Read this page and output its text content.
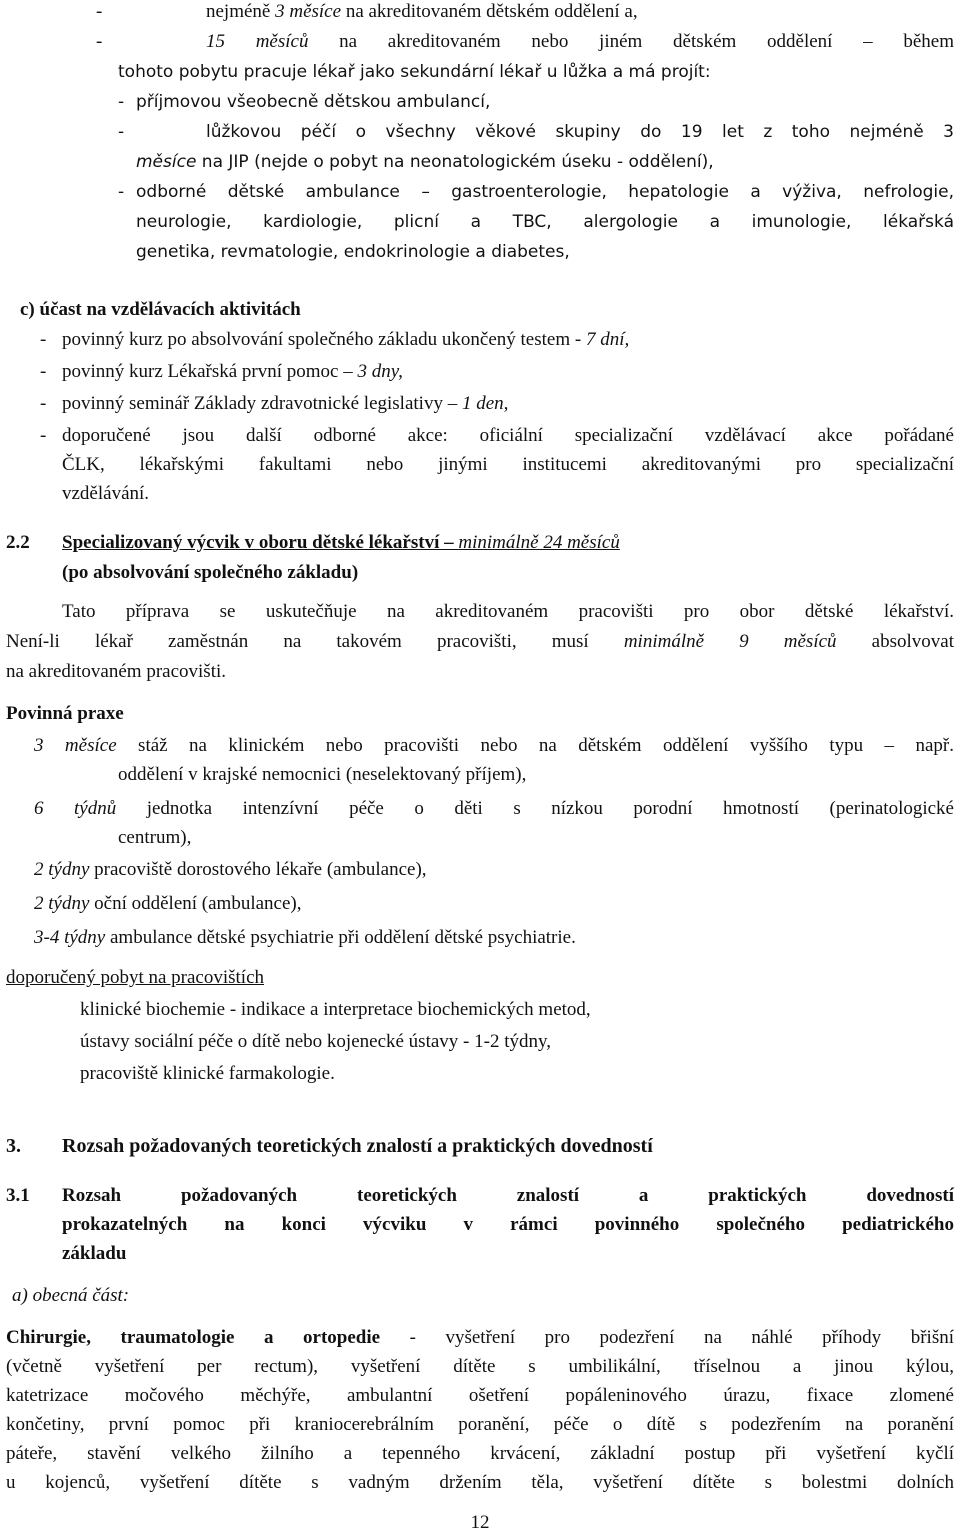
-	nejméně 3 měsíce na akreditovaném dětském oddělení a,
-	15 měsíců na akreditovaném nebo jiném dětském oddělení – během
tohoto pobytu pracuje lékař jako sekundární lékař u lůžka a má projít:
- příjmovou všeobecně dětskou ambulancí,
-	lůžkovou péčí o všechny věkové skupiny do 19 let z toho nejméně 3
měsíce na JIP (nejde o pobyt na neonatologickém úseku - oddělení),
- odborné dětské ambulance – gastroenterologie, hepatologie a výživa, nefrologie,
neurologie, kardiologie, plicní a TBC, alergologie a imunologie, lékařská
genetika, revmatologie, endokrinologie a diabetes,
c) účast na vzdělávacích aktivitách
- povinný kurz po absolvování společného základu ukončený testem - 7 dní,
- povinný kurz Lékařská první pomoc – 3 dny,
- povinný seminář Základy zdravotnické legislativy – 1 den,
- doporučené jsou další odborné akce: oficiální specializační vzdělávací akce pořádané
ČLK, lékařskými fakultami nebo jinými institucemi akreditovanými pro specializační
vzdělávání.
2.2 Specializovaný výcvik v oboru dětské lékařství – minimálně 24 měsíců
(po absolvování společného základu)
Tato příprava se uskutečňuje na akreditovaném pracovišti pro obor dětské lékařství.
Není-li lékař zaměstnán na takovém pracovišti, musí minimálně 9 měsíců absolvovat
na akreditovaném pracovišti.
Povinná praxe
3 měsíce stáž na klinickém nebo pracovišti nebo na dětském oddělení vyššího typu – např.
oddělení v krajské nemocnici (neselektovaný příjem),
6 týdnů jednotka intenzívní péče o děti s nízkou porodní hmotností (perinatologické
centrum),
2 týdny pracoviště dorostového lékaře (ambulance),
2 týdny oční oddělení (ambulance),
3-4 týdny ambulance dětské psychiatrie při oddělení dětské psychiatrie.
doporučený pobyt na pracovištích
klinické biochemie - indikace a interpretace biochemických metod,
ústavy sociální péče o dítě nebo kojenecké ústavy - 1-2 týdny,
pracoviště klinické farmakologie.
3. Rozsah požadovaných teoretických znalostí a praktických dovedností
3.1 Rozsah požadovaných teoretických znalostí a praktických dovedností
prokazatelných na konci výcviku v rámci povinného společného pediatrického
základu
a) obecná část:
Chirurgie, traumatologie a ortopedie - vyšetření pro podezření na náhlé příhody břišní
(včetně vyšetření per rectum), vyšetření dítěte s umbilikální, tříselnou a jinou kýlou,
katetrizace močového měchýře, ambulantní ošetření popáleninového úrazu, fixace zlomené
končetiny, první pomoc při kraniocerebrálním poranění, péče o dítě s podezřením na poranění
páteře, stavění velkého žilního a tepenného krvácení, základní postup při vyšetření kyčlí
u kojenců, vyšetření dítěte s vadným držením těla, vyšetření dítěte s bolestmi dolních
12
